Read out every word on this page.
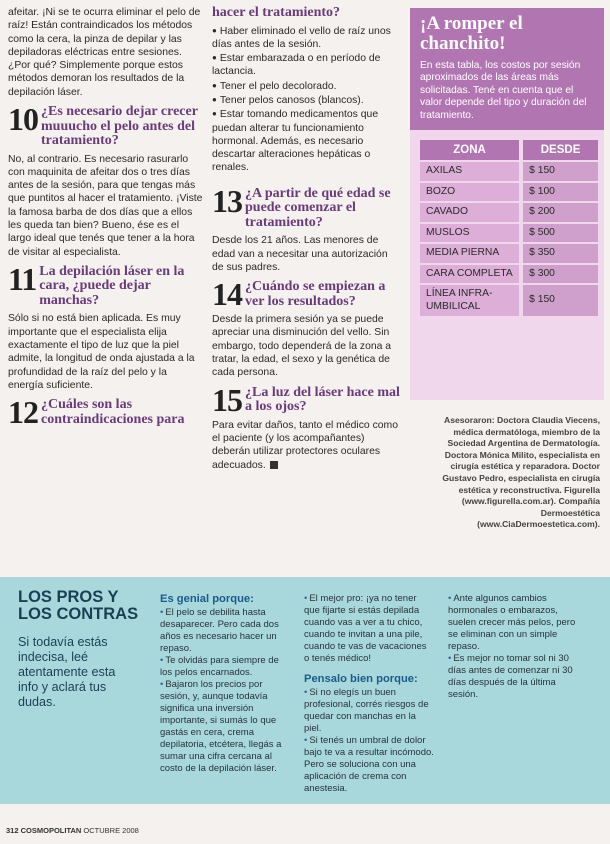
afeitar. ¡Ni se te ocurra eliminar el pelo de raíz! Están contraindicados los métodos como la cera, la pinza de depilar y las depiladoras eléctricas entre sesiones. ¿Por qué? Simplemente porque estos métodos demoran los resultados de la depilación láser.

10 ¿Es necesario dejar crecer muuucho el pelo antes del tratamiento?

No, al contrario. Es necesario rasurarlo con maquinita de afeitar dos o tres días antes de la sesión, para que tengas más que puntitos al hacer el tratamiento. ¡Viste la famosa barba de dos días que a ellos les queda tan bien? Bueno, ése es el largo ideal que tenés que tener a la hora de visitar al especialista.

11 La depilación láser en la cara, ¿puede dejar manchas?

Sólo si no está bien aplicada. Es muy importante que el especialista elija exactamente el tipo de luz que la piel admite, la longitud de onda ajustada a la profundidad de la raíz del pelo y la energía suficiente.

12 ¿Cuáles son las contraindicaciones para
hacer el tratamiento?
● Haber eliminado el vello de raíz unos días antes de la sesión.
● Estar embarazada o en período de lactancia.
● Tener el pelo decolorado.
● Tener pelos canosos (blancos).
● Estar tomando medicamentos que puedan alterar tu funcionamiento hormonal. Además, es necesario descartar alteraciones hepáticas o renales.
13 ¿A partir de qué edad se puede comenzar el tratamiento?

Desde los 21 años. Las menores de edad van a necesitar una autorización de sus padres.

14 ¿Cuándo se empiezan a ver los resultados?

Desde la primera sesión ya se puede apreciar una disminución del vello. Sin embargo, todo dependerá de la zona a tratar, la edad, el sexo y la genética de cada persona.

15 ¿La luz del láser hace mal a los ojos?

Para evitar daños, tanto el médico como el paciente (y los acompañantes) deberán utilizar protectores oculares adecuados.

¡A romper el chanchito!
En esta tabla, los costos por sesión aproximados de las áreas más solicitadas. Tené en cuenta que el valor depende del tipo y duración del tratamiento.
ZONA		DESDE
AXILAS		$ 150
BOZO		$ 100
CAVADO		$ 200
MUSLOS		$ 500
MEDIA PIERNA		$ 350
CARA COMPLETA		$ 300
LÍNEA INFRA-UMBILICAL		$ 150
Asesoraron: Doctora Claudia Viecens, médica dermatóloga, miembro de la Sociedad Argentina de Dermatología. Doctora Mónica Milito, especialista en cirugía estética y reparadora. Doctor Gustavo Pedro, especialista en cirugía estética y reconstructiva. Figurella (www.figurella.com.ar). Compañía Dermoestética (www.CiaDermoestetica.com).
LOS PROS Y LOS CONTRAS
Si todavía estás indecisa, leé atentamente esta info y aclará tus dudas.
Es genial porque:

• El pelo se debilita hasta desaparecer. Pero cada dos años es necesario hacer un repaso.

• Te olvidás para siempre de los pelos encarnados.

• Bajaron los precios por sesión, y, aunque todavía significa una inversión importante, si sumás lo que gastás en cera, crema depilatoria, etcétera, llegás a sumar una cifra cercana al costo de la depilación láser.

• El mejor pro: ¡ya no tener que fijarte si estás depilada cuando vas a ver a tu chico, cuando te invitan a una pile, cuando te vas de vacaciones o tenés médico!

Pensalo bien porque:

• Si no elegís un buen profesional, corrés riesgos de quedar con manchas en la piel.

• Si tenés un umbral de dolor bajo te va a resultar incómodo. Pero se soluciona con una aplicación de crema con anestesia.

• Ante algunos cambios hormonales o embarazos, suelen crecer más pelos, pero se eliminan con un simple repaso.

• Es mejor no tomar sol ni 30 días antes de comenzar ni 30 días después de la última sesión.

312 COSMOPOLITAN OCTUBRE 2008
